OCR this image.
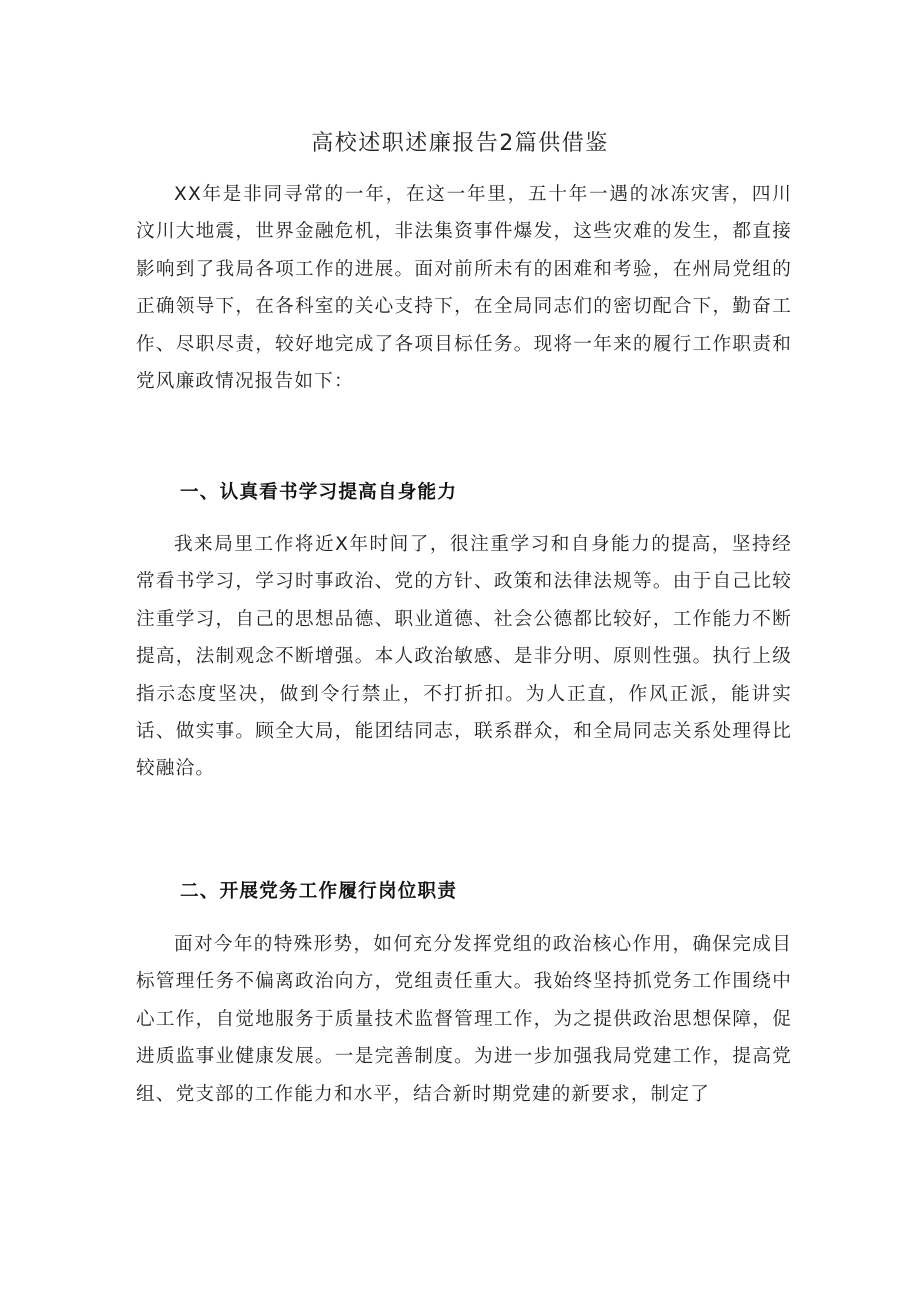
高校述职述廉报告2篇供借鉴

XX年是非同寻常的一年，在这一年里，五十年一遇的冰冻灾害，四川汶川大地震，世界金融危机，非法集资事件爆发，这些灾难的发生，都直接影响到了我局各项工作的进展。面对前所未有的困难和考验，在州局党组的正确领导下，在各科室的关心支持下，在全局同志们的密切配合下，勤奋工作、尽职尽责，较好地完成了各项目标任务。现将一年来的履行工作职责和党风廉政情况报告如下：

一、认真看书学习提高自身能力

我来局里工作将近X年时间了，很注重学习和自身能力的提高，坚持经常看书学习，学习时事政治、党的方针、政策和法律法规等。由于自己比较注重学习，自己的思想品德、职业道德、社会公德都比较好，工作能力不断提高，法制观念不断增强。本人政治敏感、是非分明、原则性强。执行上级指示态度坚决，做到令行禁止，不打折扣。为人正直，作风正派，能讲实话、做实事。顾全大局，能团结同志，联系群众，和全局同志关系处理得比较融洽。

二、开展党务工作履行岗位职责

面对今年的特殊形势，如何充分发挥党组的政治核心作用，确保完成目标管理任务不偏离政治向方，党组责任重大。我始终坚持抓党务工作围绕中心工作，自觉地服务于质量技术监督管理工作，为之提供政治思想保障，促进质监事业健康发展。一是完善制度。为进一步加强我局党建工作，提高党组、党支部的工作能力和水平，结合新时期党建的新要求，制定了
